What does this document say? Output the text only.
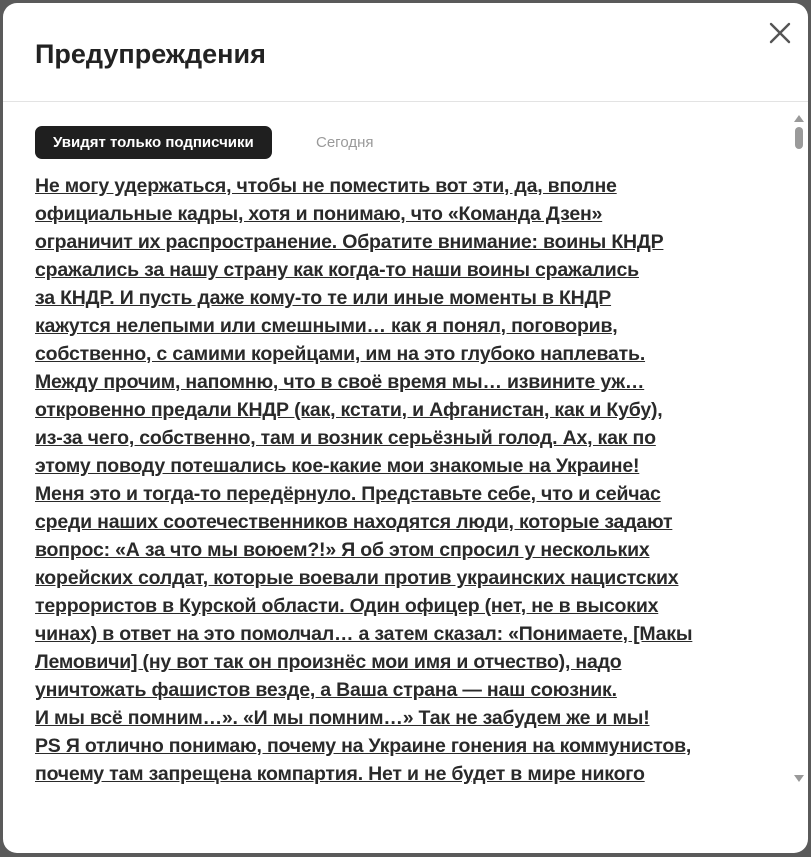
Предупреждения
Увидят только подписчики	Сегодня
Не могу удержаться, чтобы не поместить вот эти, да, вполне
официальные кадры, хотя и понимаю, что «Команда Дзен»
ограничит их распространение. Обратите внимание: воины КНДР
сражались за нашу страну как когда-то наши воины сражались
за КНДР. И пусть даже кому-то те или иные моменты в КНДР
кажутся нелепыми или смешными… как я понял, поговорив,
собственно, с самими корейцами, им на это глубоко наплевать.
Между прочим, напомню, что в своё время мы… извините уж…
откровенно предали КНДР (как, кстати, и Афганистан, как и Кубу),
из-за чего, собственно, там и возник серьёзный голод. Ах, как по
этому поводу потешались кое-какие мои знакомые на Украине!
Меня это и тогда-то передёрнуло. Представьте себе, что и сейчас
среди наших соотечественников находятся люди, которые задают
вопрос: «А за что мы воюем?!» Я об этом спросил у нескольких
корейских солдат, которые воевали против украинских нацистских
террористов в Курской области. Один офицер (нет, не в высоких
чинах) в ответ на это помолчал… а затем сказал: «Понимаете, [Макы
Лемовичи] (ну вот так он произнёс мои имя и отчество), надо
уничтожать фашистов везде, а Ваша страна — наш союзник.
И мы всё помним…». «И мы помним…» Так не забудем же и мы!
PS Я отлично понимаю, почему на Украине гонения на коммунистов,
почему там запрещена компартия. Нет и не будет в мире никого
